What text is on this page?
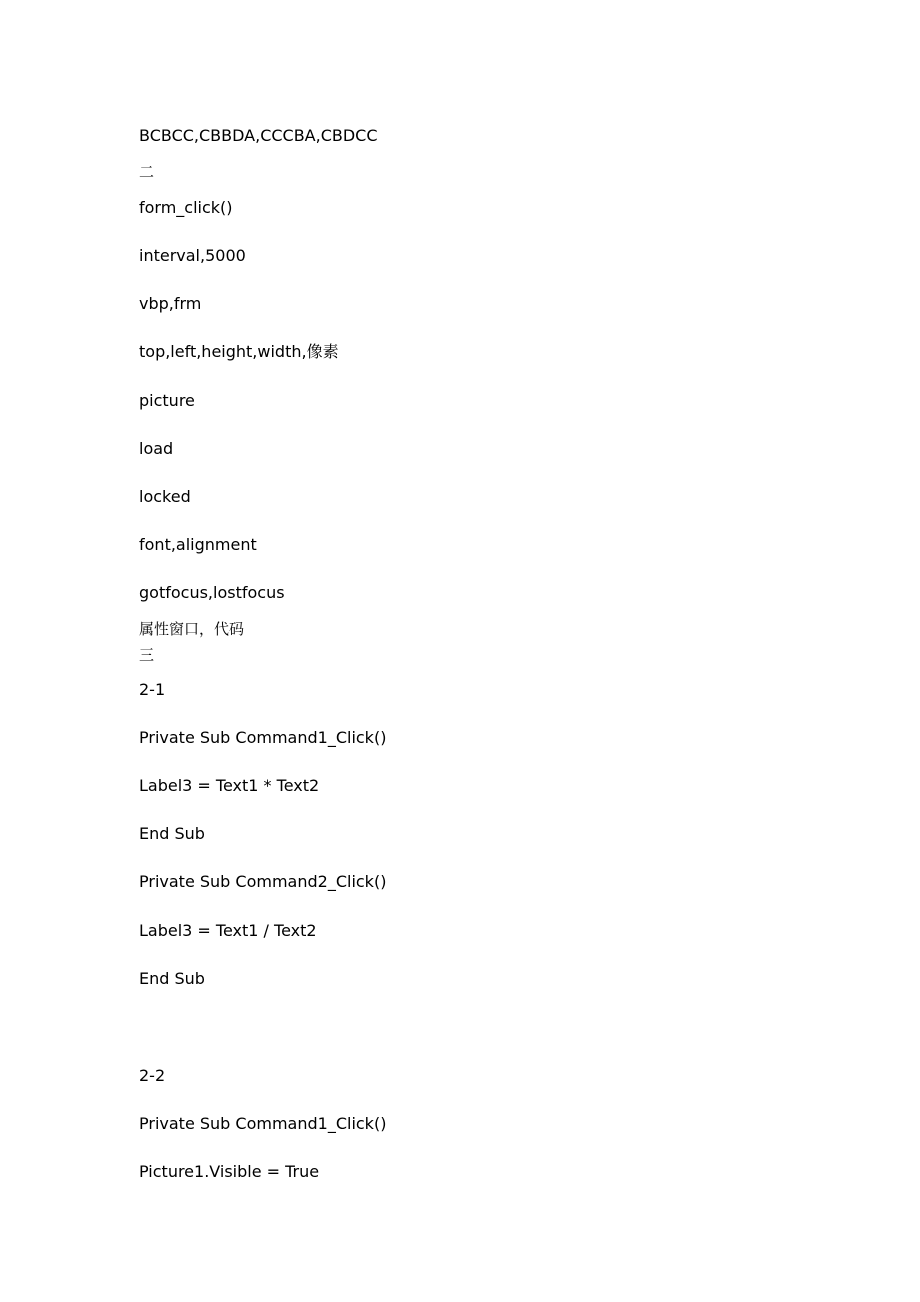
BCBCC,CBBDA,CCCBA,CBDCC

二

form_click()

interval,5000

vbp,frm

top,left,height,width,像素

picture

load

locked

font,alignment

gotfocus,lostfocus

属性窗口，代码

三

2-1

Private Sub Command1_Click()

Label3 = Text1 * Text2

End Sub

Private Sub Command2_Click()

Label3 = Text1 / Text2

End Sub

2-2

Private Sub Command1_Click()

Picture1.Visible = True
